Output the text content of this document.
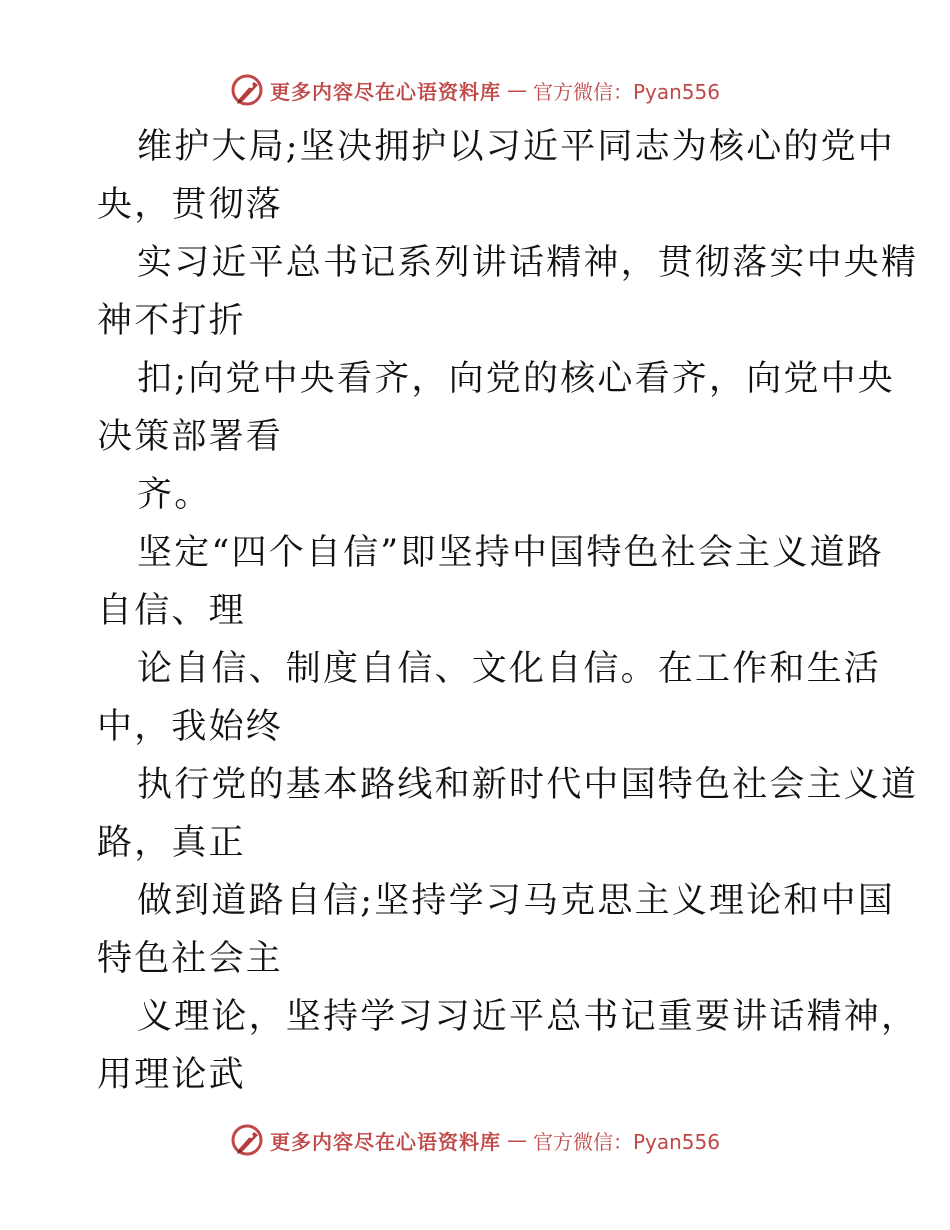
更多内容尽在心语资料库 — 官方微信：Pyan556

维护大局;坚决拥护以习近平同志为核心的党中

央，贯彻落

实习近平总书记系列讲话精神，贯彻落实中央精

神不打折

扣;向党中央看齐，向党的核心看齐，向党中央

决策部署看

齐。

坚定“四个自信”即坚持中国特色社会主义道路

自信、理

论自信、制度自信、文化自信。在工作和生活

中，我始终

执行党的基本路线和新时代中国特色社会主义道

路，真正

做到道路自信;坚持学习马克思主义理论和中国

特色社会主

义理论，坚持学习习近平总书记重要讲话精神，

用理论武

更多内容尽在心语资料库 — 官方微信：Pyan556
